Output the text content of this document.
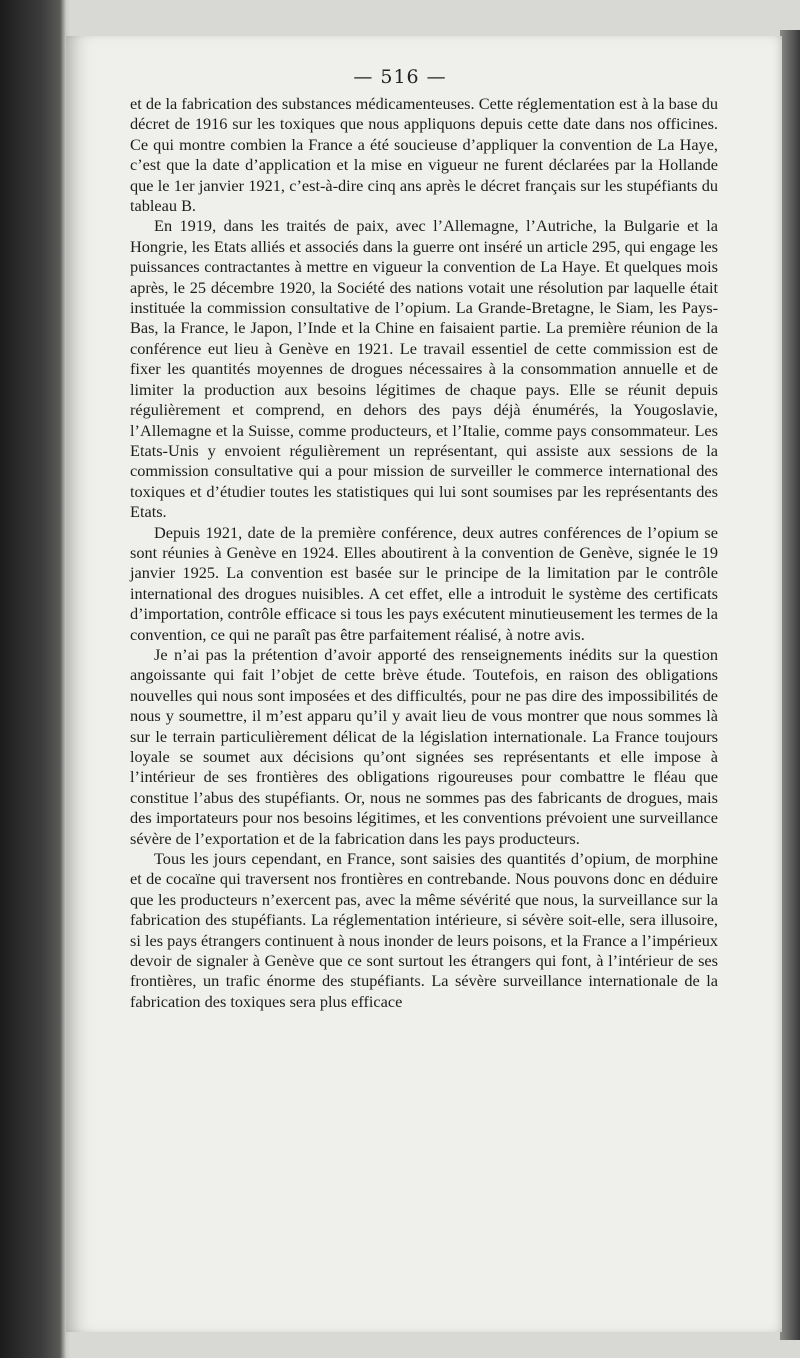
— 516 —

et de la fabrication des substances médicamenteuses. Cette réglementation est à la base du décret de 1916 sur les toxiques que nous appliquons depuis cette date dans nos officines. Ce qui montre combien la France a été soucieuse d’appliquer la convention de La Haye, c’est que la date d’application et la mise en vigueur ne furent déclarées par la Hollande que le 1er janvier 1921, c’est-à-dire cinq ans après le décret français sur les stupéfiants du tableau B.

En 1919, dans les traités de paix, avec l’Allemagne, l’Autriche, la Bulgarie et la Hongrie, les Etats alliés et associés dans la guerre ont inséré un article 295, qui engage les puissances contractantes à mettre en vigueur la convention de La Haye. Et quelques mois après, le 25 décembre 1920, la Société des nations votait une résolution par laquelle était instituée la commission consultative de l’opium. La Grande-Bretagne, le Siam, les Pays-Bas, la France, le Japon, l’Inde et la Chine en faisaient partie. La première réunion de la conférence eut lieu à Genève en 1921. Le travail essentiel de cette commission est de fixer les quantités moyennes de drogues nécessaires à la consommation annuelle et de limiter la production aux besoins légitimes de chaque pays. Elle se réunit depuis régulièrement et comprend, en dehors des pays déjà énumérés, la Yougoslavie, l’Allemagne et la Suisse, comme producteurs, et l’Italie, comme pays consommateur. Les Etats-Unis y envoient régulièrement un représentant, qui assiste aux sessions de la commission consultative qui a pour mission de surveiller le commerce international des toxiques et d’étudier toutes les statistiques qui lui sont soumises par les représentants des Etats.

Depuis 1921, date de la première conférence, deux autres conférences de l’opium se sont réunies à Genève en 1924. Elles aboutirent à la convention de Genève, signée le 19 janvier 1925. La convention est basée sur le principe de la limitation par le contrôle international des drogues nuisibles. A cet effet, elle a introduit le système des certificats d’importation, contrôle efficace si tous les pays exécutent minutieusement les termes de la convention, ce qui ne paraît pas être parfaitement réalisé, à notre avis.

Je n’ai pas la prétention d’avoir apporté des renseignements inédits sur la question angoissante qui fait l’objet de cette brève étude. Toutefois, en raison des obligations nouvelles qui nous sont imposées et des difficultés, pour ne pas dire des impossibilités de nous y soumettre, il m’est apparu qu’il y avait lieu de vous montrer que nous sommes là sur le terrain particulièrement délicat de la législation internationale. La France toujours loyale se soumet aux décisions qu’ont signées ses représentants et elle impose à l’intérieur de ses frontières des obligations rigoureuses pour combattre le fléau que constitue l’abus des stupéfiants. Or, nous ne sommes pas des fabricants de drogues, mais des importateurs pour nos besoins légitimes, et les conventions prévoient une surveillance sévère de l’exportation et de la fabrication dans les pays producteurs.

Tous les jours cependant, en France, sont saisies des quantités d’opium, de morphine et de cocaïne qui traversent nos frontières en contrebande. Nous pouvons donc en déduire que les producteurs n’exercent pas, avec la même sévérité que nous, la surveillance sur la fabrication des stupéfiants. La réglementation intérieure, si sévère soit-elle, sera illusoire, si les pays étrangers continuent à nous inonder de leurs poisons, et la France a l’impérieux devoir de signaler à Genève que ce sont surtout les étrangers qui font, à l’intérieur de ses frontières, un trafic énorme des stupéfiants. La sévère surveillance internationale de la fabrication des toxiques sera plus efficace
